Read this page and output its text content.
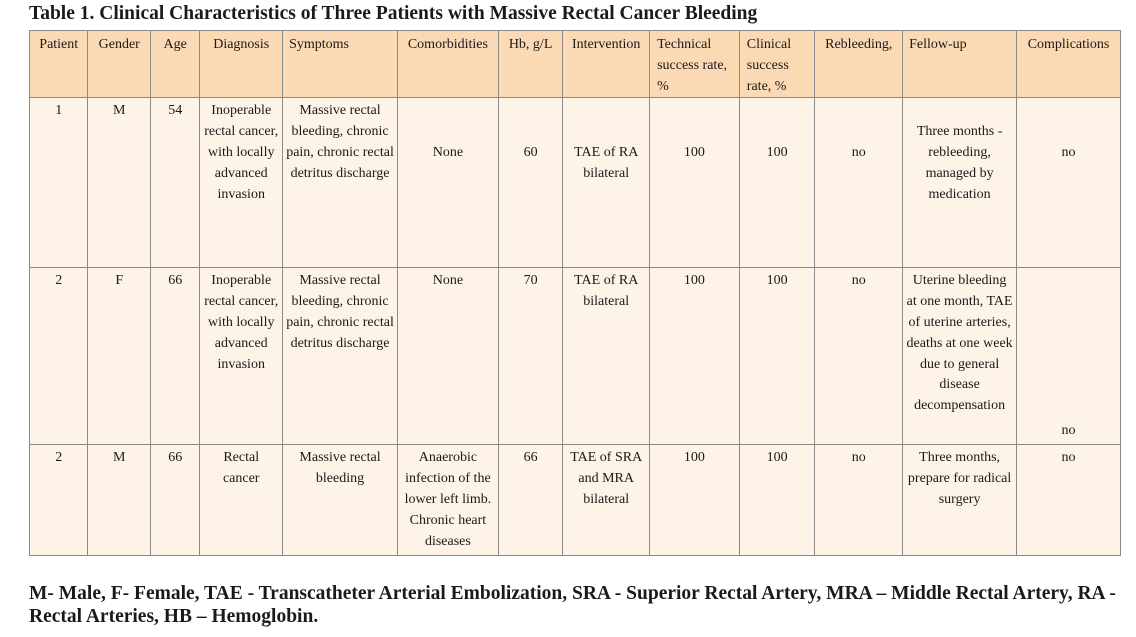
Table 1. Clinical Characteristics of Three Patients with Massive Rectal Cancer Bleeding
Patient	Gender	Age	Diagnosis	Symptoms	Comorbidities	Hb, g/L	Intervention	Technical success rate, %	Clinical success rate, %	Rebleeding,	Fellow-up	Complications
1	M	54	Inoperable rectal cancer, with locally advanced invasion	Massive rectal bleeding, chronic pain, chronic rectal detritus discharge	None	60	TAE of RA bilateral	100	100	no	Three months - rebleeding, managed by medication	no
2	F	66	Inoperable rectal cancer, with locally advanced invasion	Massive rectal bleeding, chronic pain, chronic rectal detritus discharge	None	70	TAE of RA bilateral	100	100	no	Uterine bleeding at one month, TAE of uterine arteries, deaths at one week due to general disease decompensation	no
2	M	66	Rectal cancer	Massive rectal bleeding	Anaerobic infection of the lower left limb. Chronic heart diseases	66	TAE of SRA and MRA bilateral	100	100	no	Three months, prepare for radical surgery	no
M- Male, F- Female, TAE - Transcatheter Arterial Embolization, SRA - Superior Rectal Artery, MRA – Middle Rectal Artery, RA - Rectal Arteries, HB – Hemoglobin.
